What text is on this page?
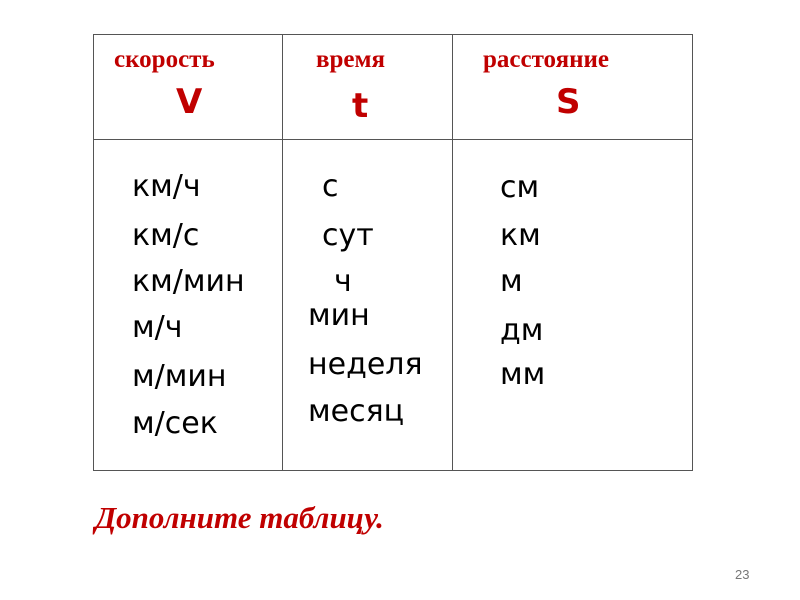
скорость
V
время
t
расстояние
S
км/ч
км/с
км/мин
м/ч
м/мин
м/сек
с
сут
ч
мин
неделя
месяц
см
км
м
дм
мм
Дополните таблицу.
23
